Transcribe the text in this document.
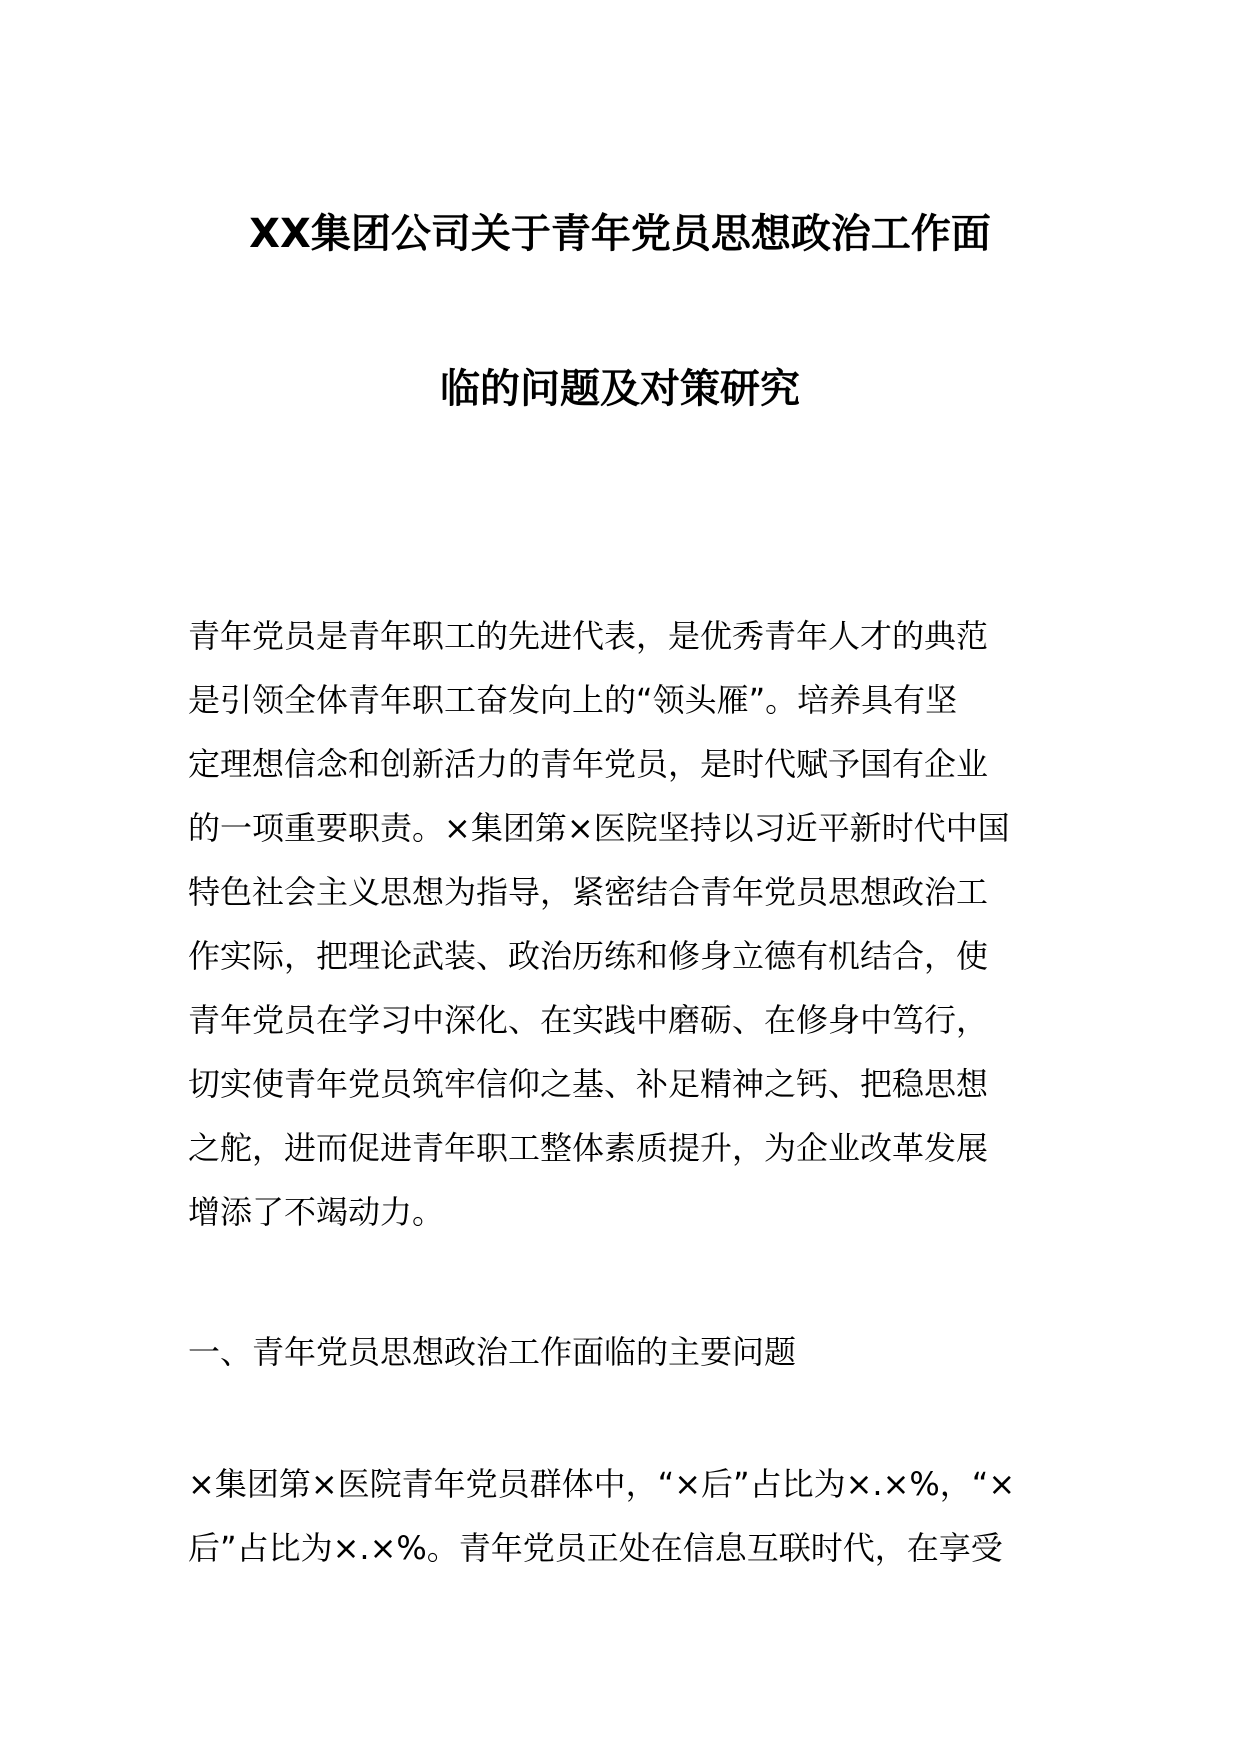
XX集团公司关于青年党员思想政治工作面
临的问题及对策研究
青年党员是青年职工的先进代表，是优秀青年人才的典范
是引领全体青年职工奋发向上的“领头雁”。培养具有坚
定理想信念和创新活力的青年党员，是时代赋予国有企业
的一项重要职责。×集团第×医院坚持以习近平新时代中国
特色社会主义思想为指导，紧密结合青年党员思想政治工
作实际，把理论武装、政治历练和修身立德有机结合，使
青年党员在学习中深化、在实践中磨砺、在修身中笃行，
切实使青年党员筑牢信仰之基、补足精神之钙、把稳思想
之舵，进而促进青年职工整体素质提升，为企业改革发展
增添了不竭动力。
一、青年党员思想政治工作面临的主要问题
×集团第×医院青年党员群体中，“×后”占比为×.×%，“×
后”占比为×.×%。青年党员正处在信息互联时代，在享受
